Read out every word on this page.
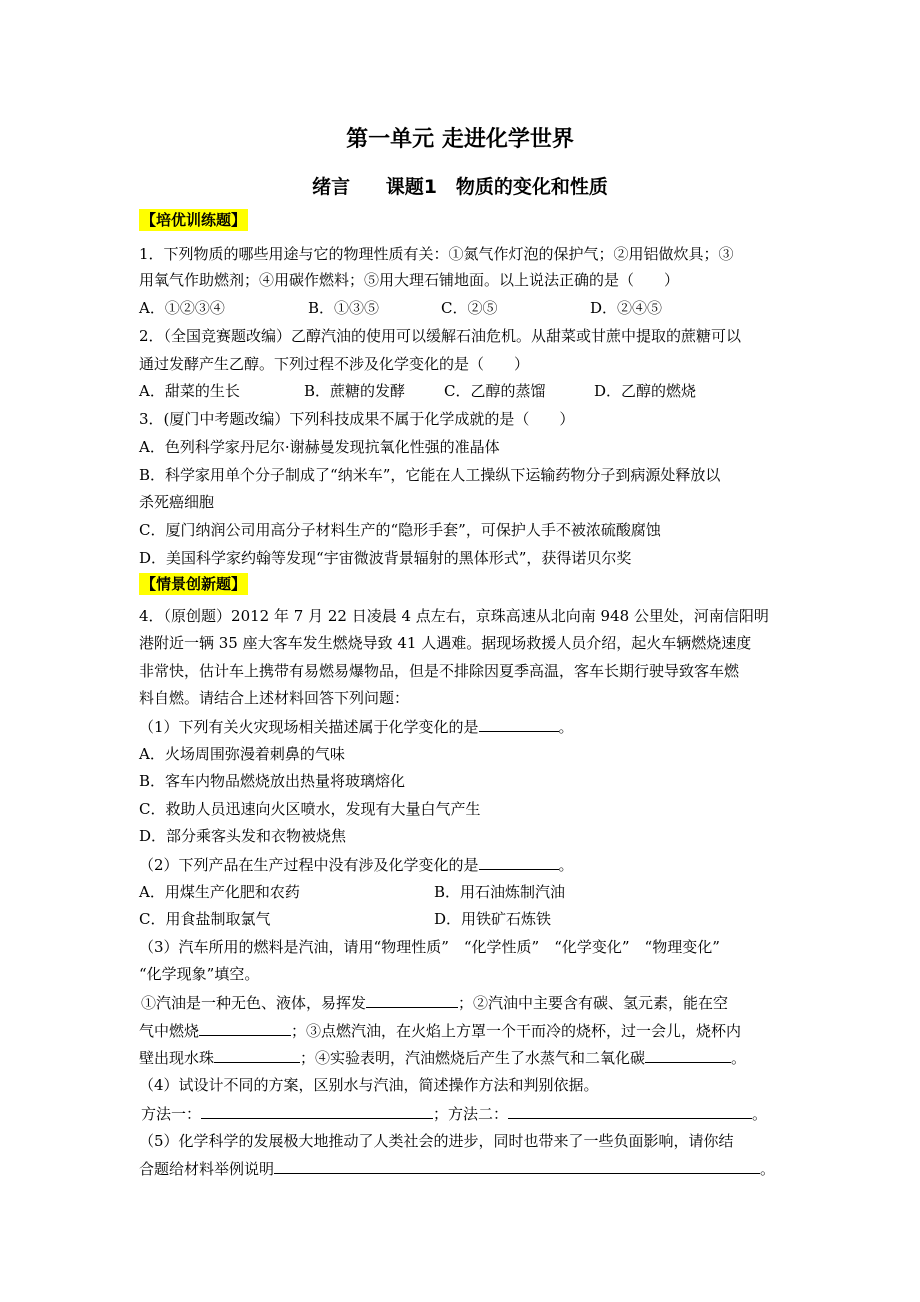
第一单元 走进化学世界
绪言　 课题1　物质的变化和性质
【培优训练题】
1．下列物质的哪些用途与它的物理性质有关：①氮气作灯泡的保护气；②用铝做炊具；③
用氧气作助燃剂；④用碳作燃料；⑤用大理石铺地面。以上说法正确的是（　　）
A．①②③④	B．①③⑤	C．②⑤	D．②④⑤
2．（全国竞赛题改编）乙醇汽油的使用可以缓解石油危机。从甜菜或甘蔗中提取的蔗糖可以
通过发酵产生乙醇。下列过程不涉及化学变化的是（　　）
A．甜菜的生长	B．蔗糖的发酵	C．乙醇的蒸馏	D．乙醇的燃烧
3．(厦门中考题改编）下列科技成果不属于化学成就的是（　　）
A．色列科学家丹尼尔·谢赫曼发现抗氧化性强的准晶体
B．科学家用单个分子制成了“纳米车”，它能在人工操纵下运输药物分子到病源处释放以
杀死癌细胞
C．厦门纳润公司用高分子材料生产的“隐形手套”，可保护人手不被浓硫酸腐蚀
D．美国科学家约翰等发现“宇宙微波背景辐射的黑体形式”，获得诺贝尔奖
【情景创新题】
4．（原创题）2012 年 7 月 22 日凌晨 4 点左右，京珠高速从北向南 948 公里处，河南信阳明
港附近一辆 35 座大客车发生燃烧导致 41 人遇难。据现场救援人员介绍，起火车辆燃烧速度
非常快，估计车上携带有易燃易爆物品，但是不排除因夏季高温，客车长期行驶导致客车燃
料自燃。请结合上述材料回答下列问题：
（1）下列有关火灾现场相关描述属于化学变化的是	。
A．火场周围弥漫着刺鼻的气味
B．客车内物品燃烧放出热量将玻璃熔化
C．救助人员迅速向火区喷水，发现有大量白气产生
D．部分乘客头发和衣物被烧焦
（2）下列产品在生产过程中没有涉及化学变化的是	。
A．用煤生产化肥和农药	B．用石油炼制汽油
C．用食盐制取氯气	D．用铁矿石炼铁
（3）汽车所用的燃料是汽油，请用“物理性质”　“化学性质”　“化学变化”　“物理变化”
“化学现象”填空。
①汽油是一种无色、液体，易挥发	；②汽油中主要含有碳、氢元素，能在空
气中燃烧	；③点燃汽油，在火焰上方罩一个干而冷的烧杯，过一会儿，烧杯内
壁出现水珠	；④实验表明，汽油燃烧后产生了水蒸气和二氧化碳	。
（4）试设计不同的方案，区别水与汽油，简述操作方法和判别依据。
方法一：	；方法二：	。
（5）化学科学的发展极大地推动了人类社会的进步，同时也带来了一些负面影响，请你结
合题给材料举例说明	。
